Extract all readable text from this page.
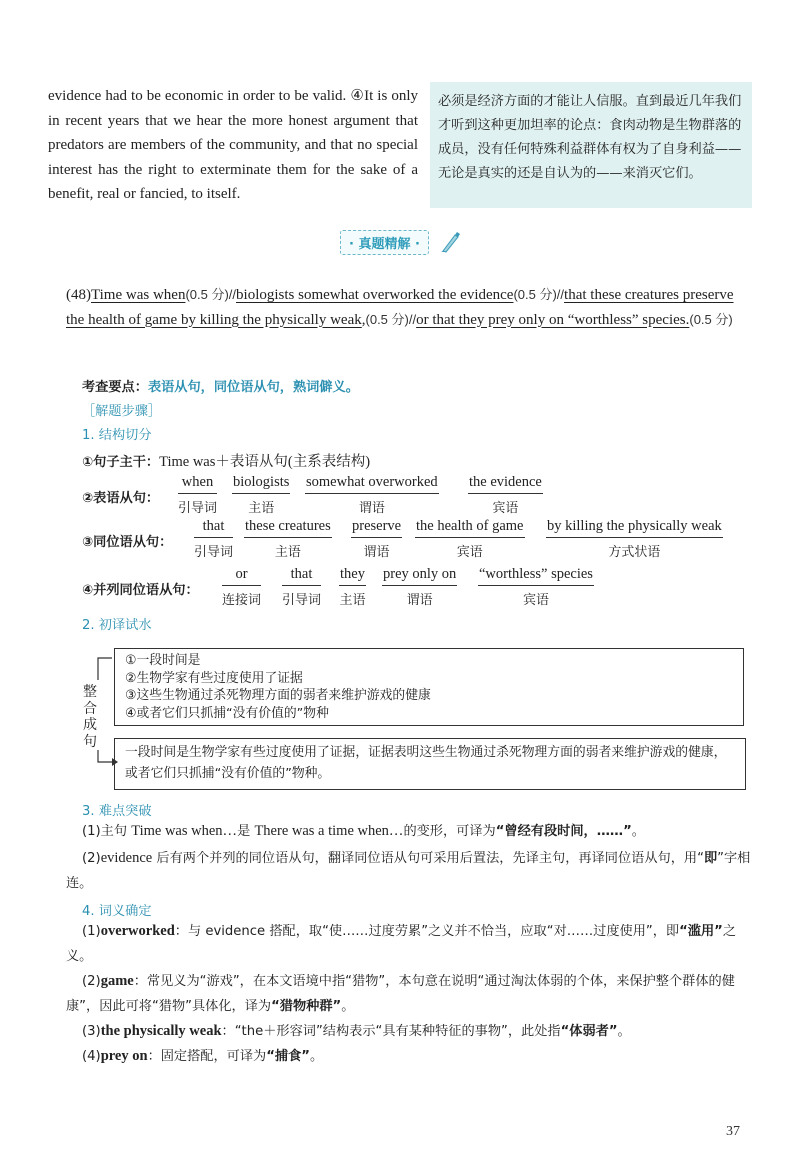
evidence had to be economic in order to be valid. ④It is only in recent years that we hear the more honest argument that predators are members of the community, and that no special interest has the right to exterminate them for the sake of a benefit, real or fancied, to itself.
必须是经济方面的才能让人信服。直到最近几年我们才听到这种更加坦率的论点：食肉动物是生物群落的成员，没有任何特殊利益群体有权为了自身利益——无论是真实的还是自认为的——来消灭它们。
· 真题精解 ·
(48)Time was when(0.5 分)//biologists somewhat overworked the evidence(0.5 分)//that these creatures preserve the health of game by killing the physically weak,(0.5 分)//or that they prey only on “worthless” species.(0.5 分)
考查要点：表语从句，同位语从句，熟词僻义。
［解题步骤］
1. 结构切分
①句子主干：Time was＋表语从句(主系表结构)
②表语从句：
when
引导词
biologists
主语
somewhat overworked
谓语
the evidence
宾语
③同位语从句：
that
引导词
these creatures
主语
preserve
谓语
the health of game
宾语
by killing the physically weak
方式状语
④并列同位语从句：
or
连接词
that
引导词
they
主语
prey only on
谓语
“worthless” species
宾语
2. 初译试水
整
合
成
句
①一段时间是
②生物学家有些过度使用了证据
③这些生物通过杀死物理方面的弱者来维护游戏的健康
④或者它们只抓捕“没有价值的”物种
一段时间是生物学家有些过度使用了证据，证据表明这些生物通过杀死物理方面的弱者来维护游戏的健康，或者它们只抓捕“没有价值的”物种。
3. 难点突破
(1)主句 Time was when…是 There was a time when…的变形，可译为“曾经有段时间，……”。
(2)evidence 后有两个并列的同位语从句，翻译同位语从句可采用后置法，先译主句，再译同位语从句，用“即”字相连。
4. 词义确定
(1)overworked：与 evidence 搭配，取“使……过度劳累”之义并不恰当，应取“对……过度使用”，即“滥用”之义。
(2)game：常见义为“游戏”，在本文语境中指“猎物”，本句意在说明“通过淘汰体弱的个体，来保护整个群体的健康”，因此可将“猎物”具体化，译为“猎物种群”。
(3)the physically weak：“the＋形容词”结构表示“具有某种特征的事物”，此处指“体弱者”。
(4)prey on：固定搭配，可译为“捕食”。
37
